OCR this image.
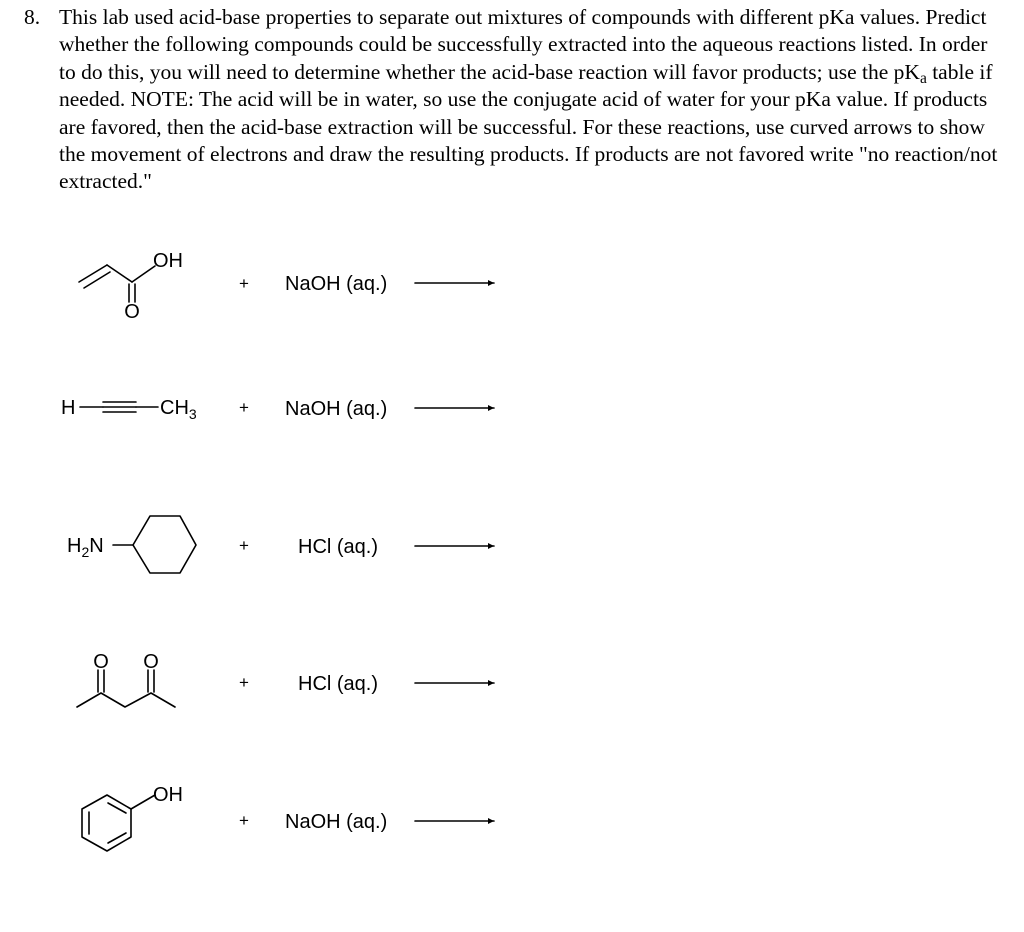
8. This lab used acid-base properties to separate out mixtures of compounds with different pKa values. Predict whether the following compounds could be successfully extracted into the aqueous reactions listed. In order to do this, you will need to determine whether the acid-base reaction will favor products; use the $pK_a$ table if needed. NOTE: The acid will be in water, so use the conjugate acid of water for your pKa value. If products are favored, then the acid-base extraction will be successful. For these reactions, use curved arrows to show the movement of electrons and draw the resulting products. If products are not favored write "no reaction/not extracted."
OH
O
H	$CH_3$
$H_2N$
O O
OH
+
+
+
+
+
NaOH (aq.)
NaOH (aq.)
HCl (aq.)
HCl (aq.)
NaOH (aq.)
